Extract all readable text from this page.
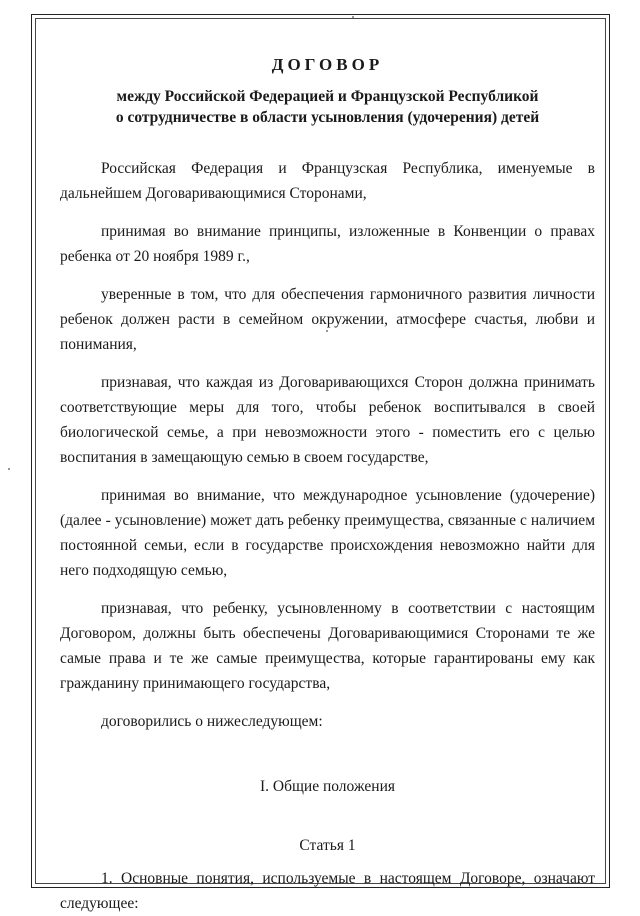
ДОГОВОР

между Российской Федерацией и Французской Республикой

о сотрудничестве в области усыновления (удочерения) детей

Российская Федерация и Французская Республика, именуемые в дальнейшем Договаривающимися Сторонами,

принимая во внимание принципы, изложенные в Конвенции о правах ребенка от 20 ноября 1989 г.,

уверенные в том, что для обеспечения гармоничного развития личности ребенок должен расти в семейном окружении, атмосфере счастья, любви и понимания,

признавая, что каждая из Договаривающихся Сторон должна принимать соответствующие меры для того, чтобы ребенок воспитывался в своей биологической семье, а при невозможности этого - поместить его с целью воспитания в замещающую семью в своем государстве,

принимая во внимание, что международное усыновление (удочерение) (далее - усыновление) может дать ребенку преимущества, связанные с наличием постоянной семьи, если в государстве происхождения невозможно найти для него подходящую семью,

признавая, что ребенку, усыновленному в соответствии с настоящим Договором, должны быть обеспечены Договаривающимися Сторонами те же самые права и те же самые преимущества, которые гарантированы ему как гражданину принимающего государства,

договорились о нижеследующем:

I. Общие положения

Статья 1

1. Основные понятия, используемые в настоящем Договоре, означают следующее:
